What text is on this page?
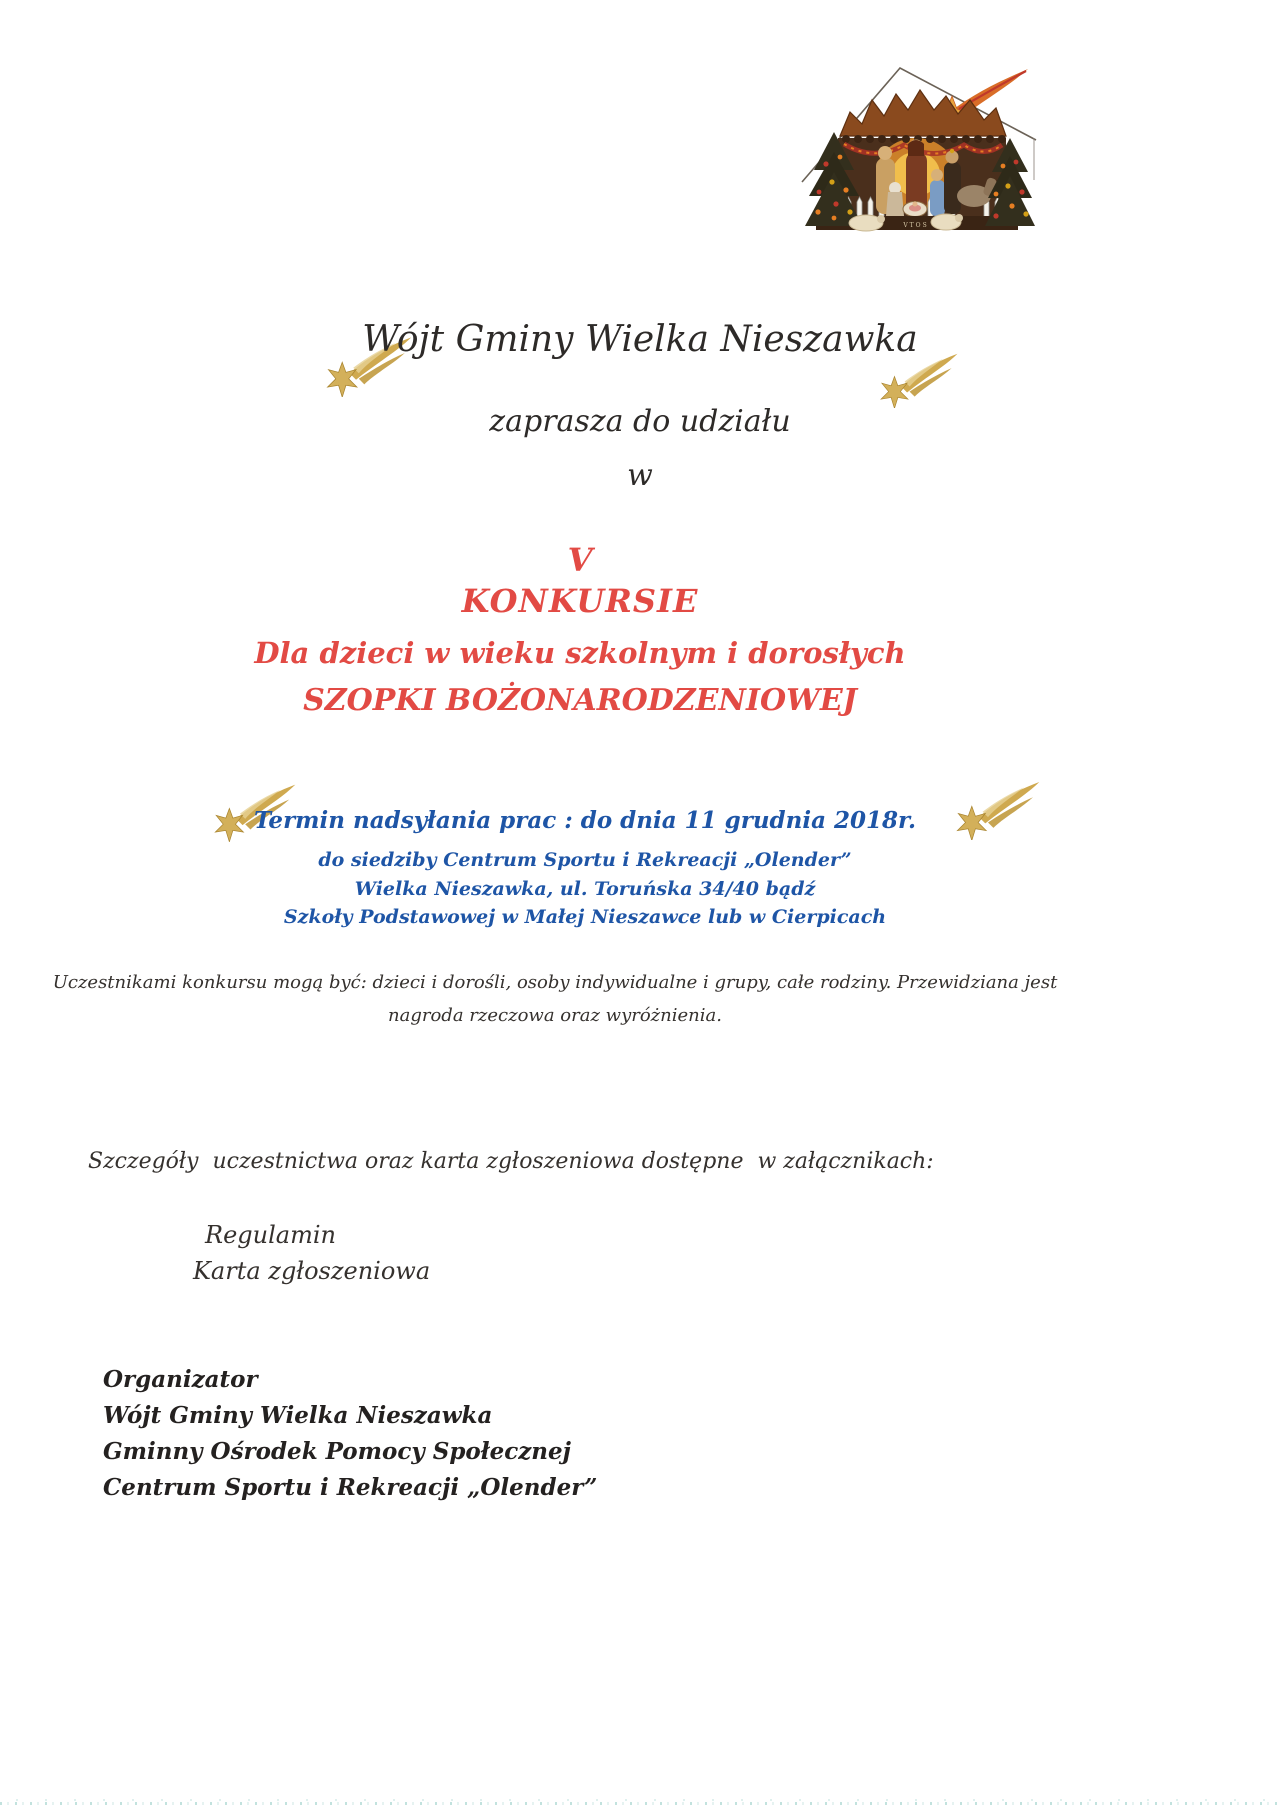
VTOS
Wójt Gminy Wielka Nieszawka
zaprasza do udziału
w
V
KONKURSIE
Dla dzieci w wieku szkolnym i dorosłych
SZOPKI BOŻONARODZENIOWEJ
Termin nadsyłania prac : do dnia 11 grudnia 2018r.
do siedziby Centrum Sportu i Rekreacji „Olender”
Wielka Nieszawka, ul. Toruńska 34/40 bądź
Szkoły Podstawowej w Małej Nieszawce lub w Cierpicach
Uczestnikami konkursu mogą być: dzieci i dorośli, osoby indywidualne i grupy, całe rodziny. Przewidziana jest
nagroda rzeczowa oraz wyróżnienia.
Szczegóły  uczestnictwa oraz karta zgłoszeniowa dostępne  w załącznikach:
Regulamin
Karta zgłoszeniowa
Organizator
Wójt Gminy Wielka Nieszawka
Gminny Ośrodek Pomocy Społecznej
Centrum Sportu i Rekreacji „Olender”
